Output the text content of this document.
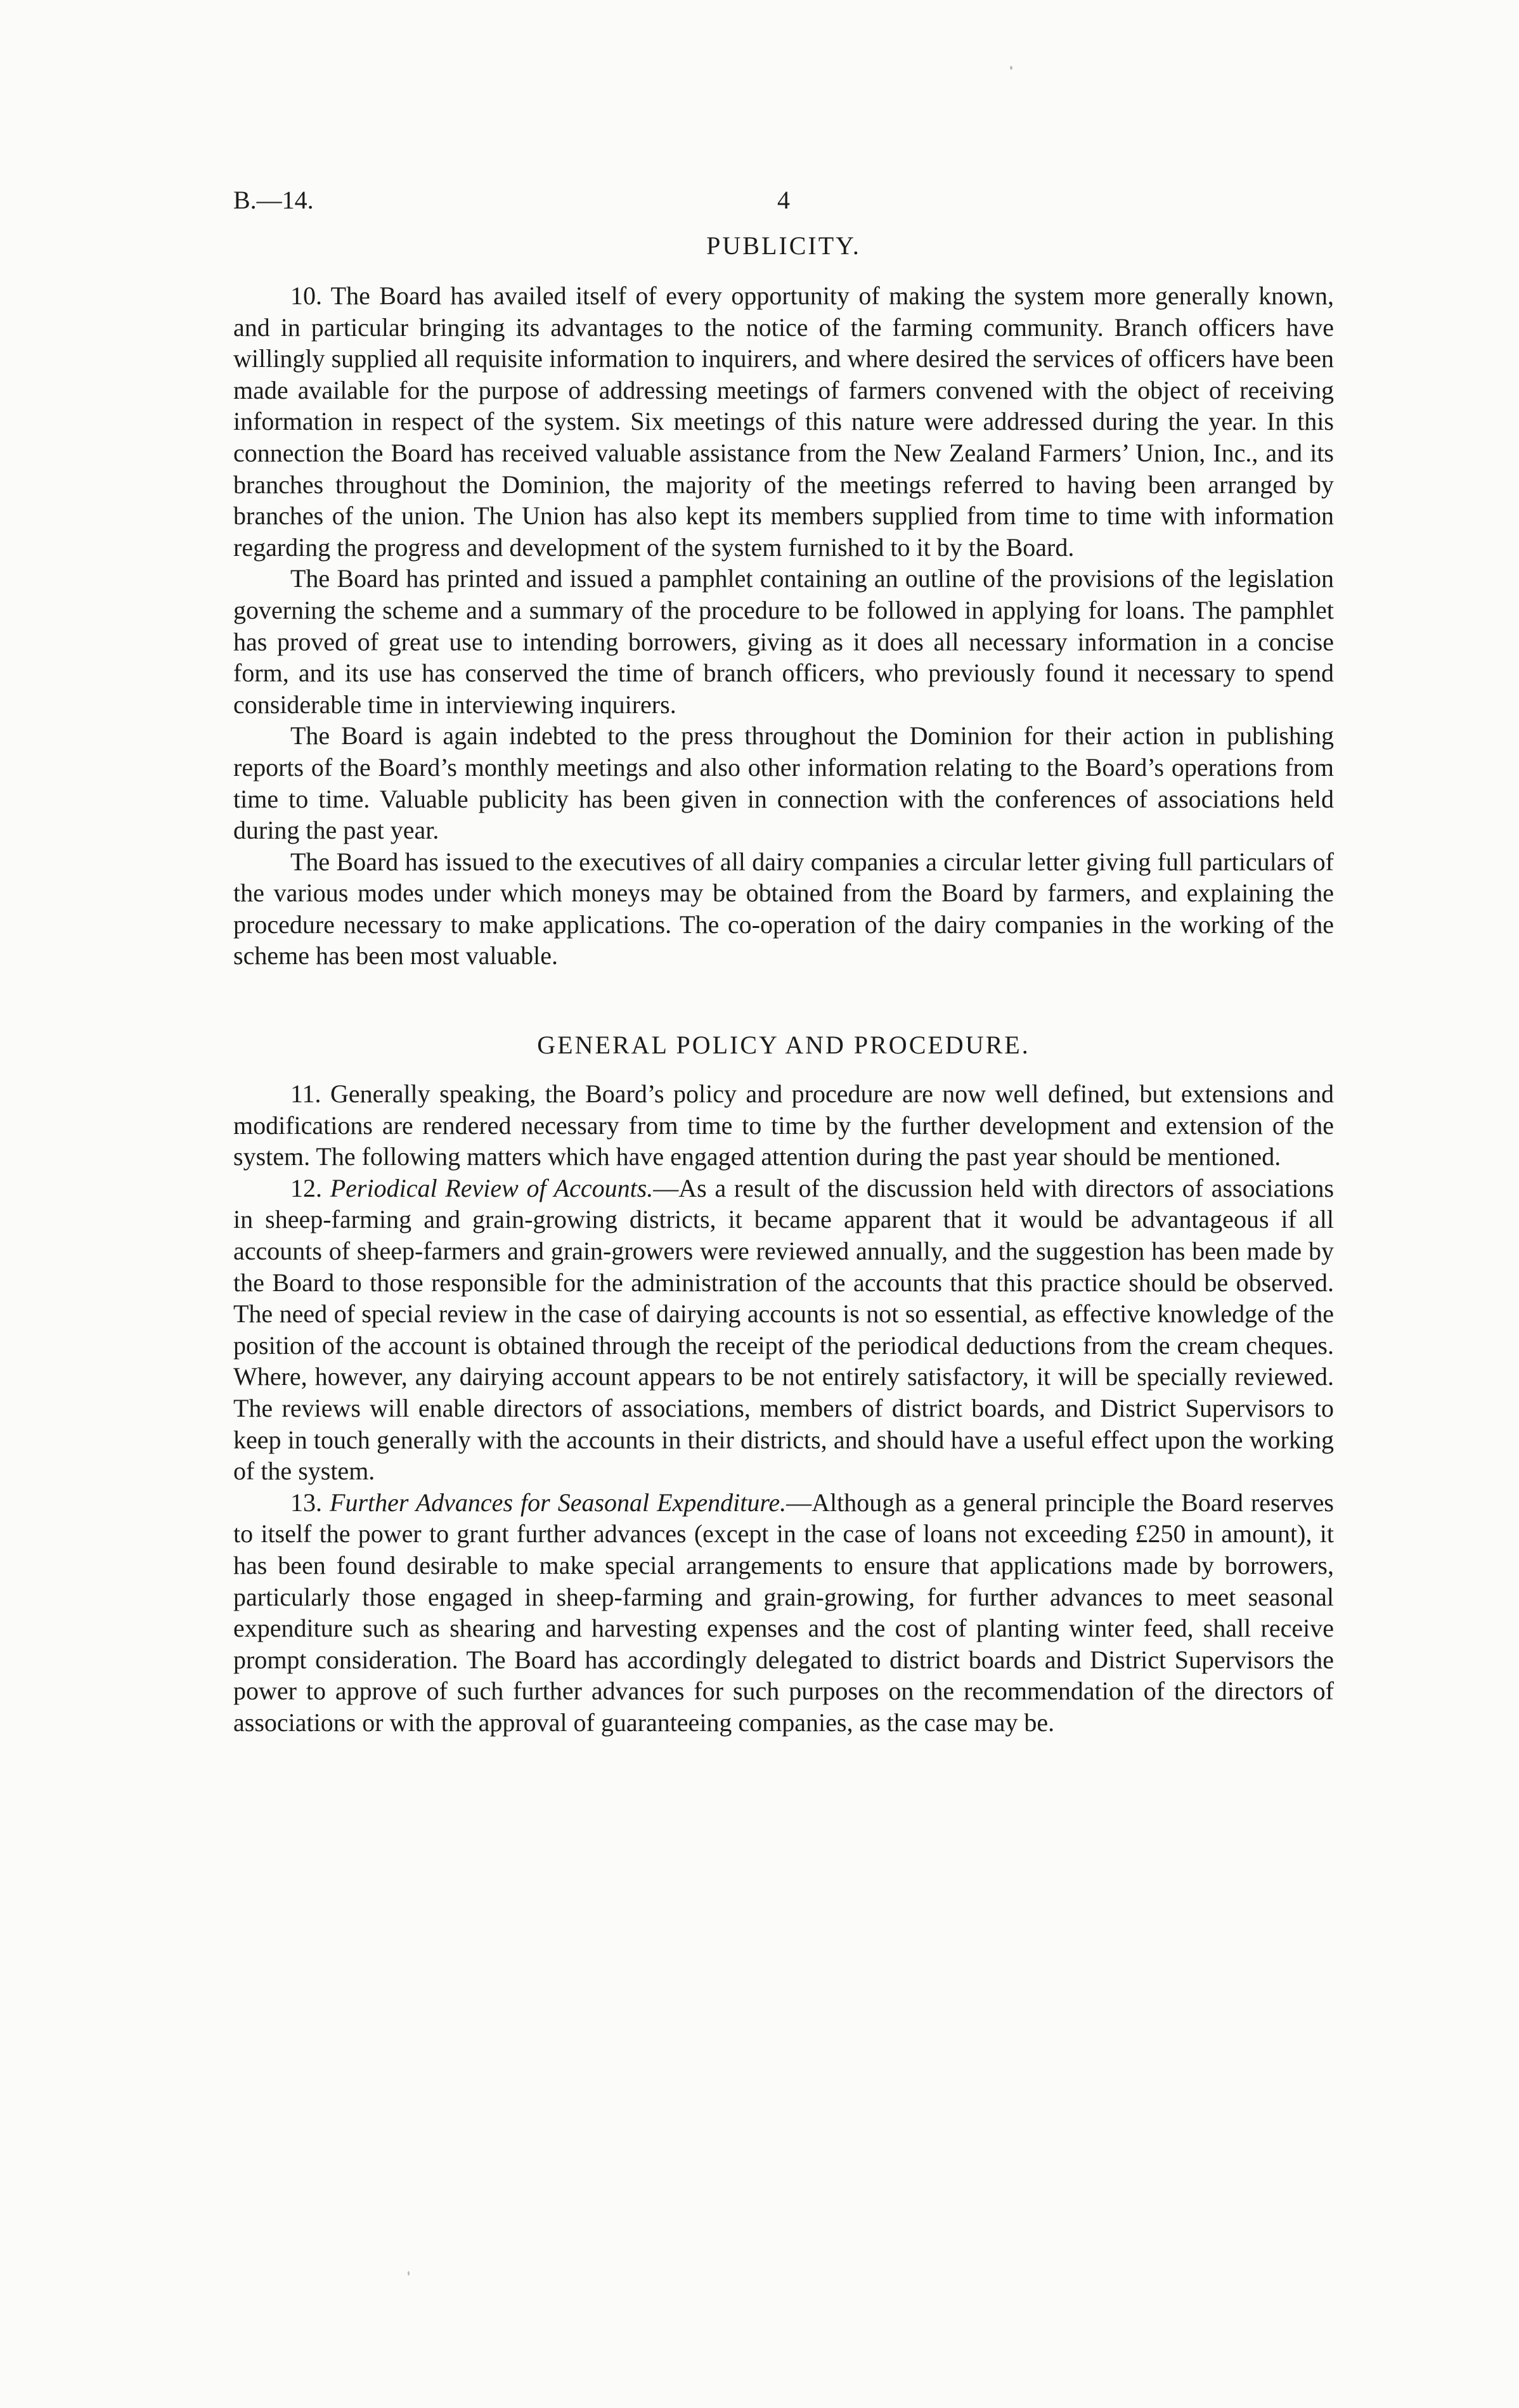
B.—14.	4
PUBLICITY.

10. The Board has availed itself of every opportunity of making the system more generally known, and in particular bringing its advantages to the notice of the farming community. Branch officers have willingly supplied all requisite information to inquirers, and where desired the services of officers have been made available for the purpose of addressing meetings of farmers convened with the object of receiving information in respect of the system. Six meetings of this nature were addressed during the year. In this connection the Board has received valuable assistance from the New Zealand Farmers’ Union, Inc., and its branches throughout the Dominion, the majority of the meetings referred to having been arranged by branches of the union. The Union has also kept its members supplied from time to time with information regarding the progress and development of the system furnished to it by the Board.

The Board has printed and issued a pamphlet containing an outline of the provisions of the legislation governing the scheme and a summary of the procedure to be followed in applying for loans. The pamphlet has proved of great use to intending borrowers, giving as it does all necessary information in a concise form, and its use has conserved the time of branch officers, who previously found it necessary to spend considerable time in interviewing inquirers.

The Board is again indebted to the press throughout the Dominion for their action in publishing reports of the Board’s monthly meetings and also other information relating to the Board’s operations from time to time. Valuable publicity has been given in connection with the conferences of associations held during the past year.

The Board has issued to the executives of all dairy companies a circular letter giving full particulars of the various modes under which moneys may be obtained from the Board by farmers, and explaining the procedure necessary to make applications. The co-operation of the dairy companies in the working of the scheme has been most valuable.

GENERAL POLICY AND PROCEDURE.

11. Generally speaking, the Board’s policy and procedure are now well defined, but extensions and modifications are rendered necessary from time to time by the further development and extension of the system. The following matters which have engaged attention during the past year should be mentioned.

12. Periodical Review of Accounts.—As a result of the discussion held with directors of associations in sheep-farming and grain-growing districts, it became apparent that it would be advantageous if all accounts of sheep-farmers and grain-growers were reviewed annually, and the suggestion has been made by the Board to those responsible for the administration of the accounts that this practice should be observed. The need of special review in the case of dairying accounts is not so essential, as effective knowledge of the position of the account is obtained through the receipt of the periodical deductions from the cream cheques. Where, however, any dairying account appears to be not entirely satisfactory, it will be specially reviewed. The reviews will enable directors of associations, members of district boards, and District Supervisors to keep in touch generally with the accounts in their districts, and should have a useful effect upon the working of the system.

13. Further Advances for Seasonal Expenditure.—Although as a general principle the Board reserves to itself the power to grant further advances (except in the case of loans not exceeding £250 in amount), it has been found desirable to make special arrangements to ensure that applications made by borrowers, particularly those engaged in sheep-farming and grain-growing, for further advances to meet seasonal expenditure such as shearing and harvesting expenses and the cost of planting winter feed, shall receive prompt consideration. The Board has accordingly delegated to district boards and District Supervisors the power to approve of such further advances for such purposes on the recommendation of the directors of associations or with the approval of guaranteeing companies, as the case may be.
